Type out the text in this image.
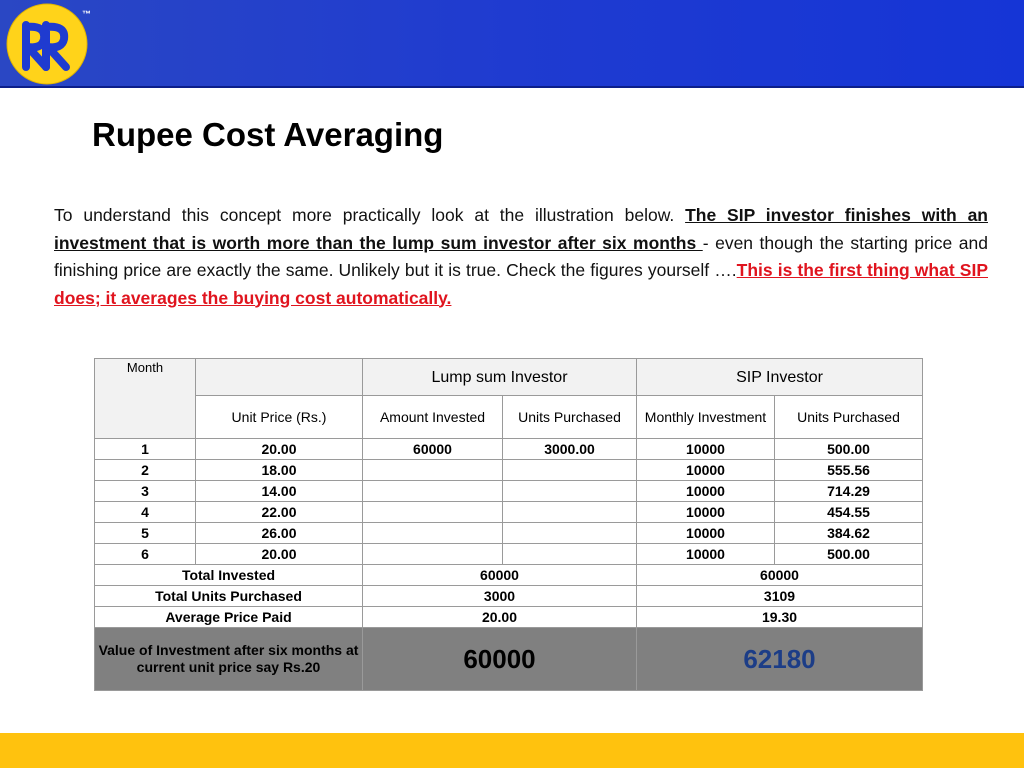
™
Rupee Cost Averaging
To understand this concept more practically look at the illustration below. The SIP investor finishes with an investment that is worth more than the lump sum investor after six months - even though the starting price and finishing price are exactly the same. Unlikely but it is true. Check the figures yourself ….This is the first thing what SIP does; it averages the buying cost automatically.
Month		Lump sum Investor		SIP Investor	
	Unit Price (Rs.)	Amount Invested	Units Purchased	Monthly Investment	Units Purchased
1	20.00	60000	3000.00	10000	500.00
2	18.00			10000	555.56
3	14.00			10000	714.29
4	22.00			10000	454.55
5	26.00			10000	384.62
6	20.00			10000	500.00
Total Invested		60000		60000	
Total Units Purchased		3000		3109	
Average Price Paid		20.00		19.30	
Value of Investment after six months at current unit price say Rs.20		60000		62180	
